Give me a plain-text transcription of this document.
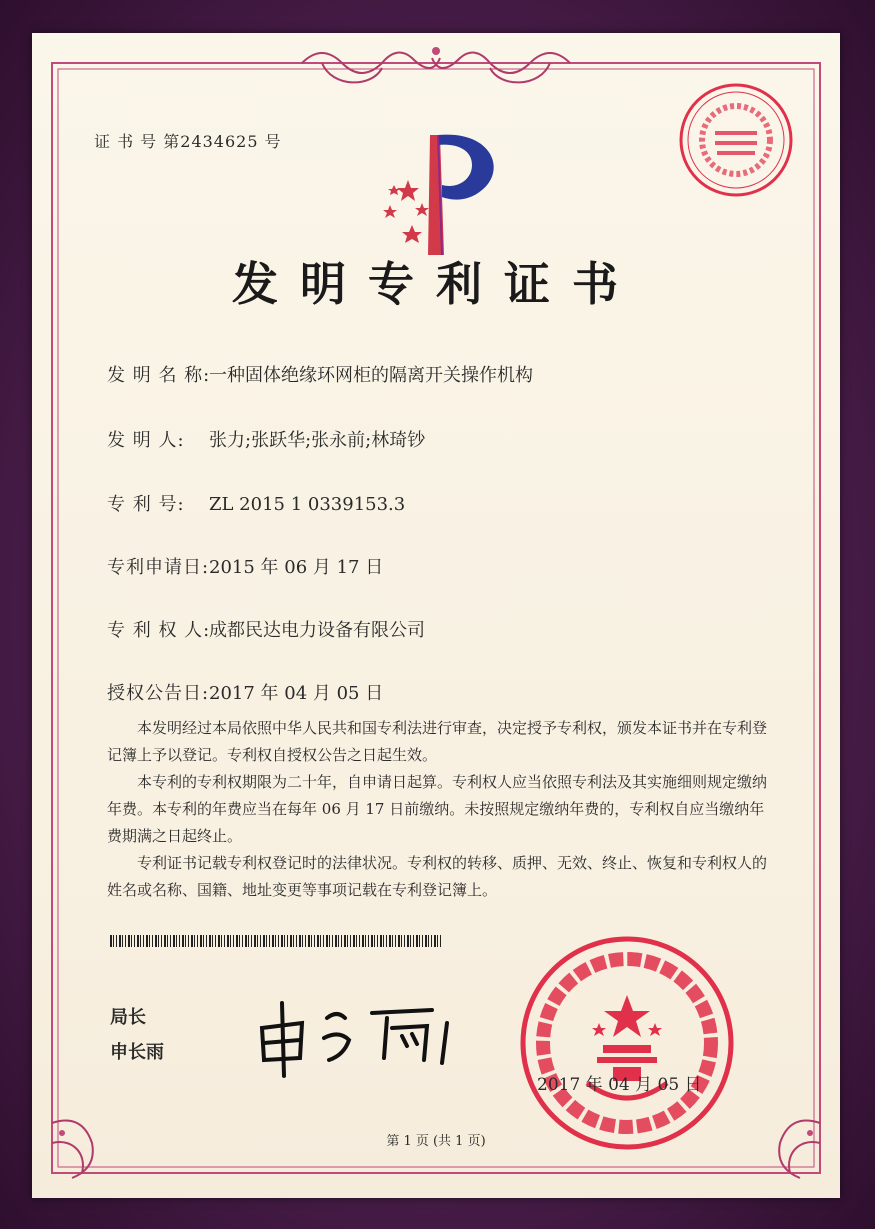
证 书 号 第2434625 号
发明专利证书
发 明 名 称:一种固体绝缘环网柜的隔离开关操作机构
发 明 人: 张力;张跃华;张永前;林琦钞
专 利 号: ZL 2015 1 0339153.3
专利申请日:2015 年 06 月 17 日
专 利 权 人:成都民达电力设备有限公司
授权公告日:2017 年 04 月 05 日

本发明经过本局依照中华人民共和国专利法进行审查，决定授予专利权，颁发本证书并在专利登记簿上予以登记。专利权自授权公告之日起生效。

本专利的专利权期限为二十年，自申请日起算。专利权人应当依照专利法及其实施细则规定缴纳年费。本专利的年费应当在每年 06 月 17 日前缴纳。未按照规定缴纳年费的，专利权自应当缴纳年费期满之日起终止。

专利证书记载专利权登记时的法律状况。专利权的转移、质押、无效、终止、恢复和专利权人的姓名或名称、国籍、地址变更等事项记载在专利登记簿上。

局长
申长雨
2017 年 04 月 05 日
第 1 页 (共 1 页)
